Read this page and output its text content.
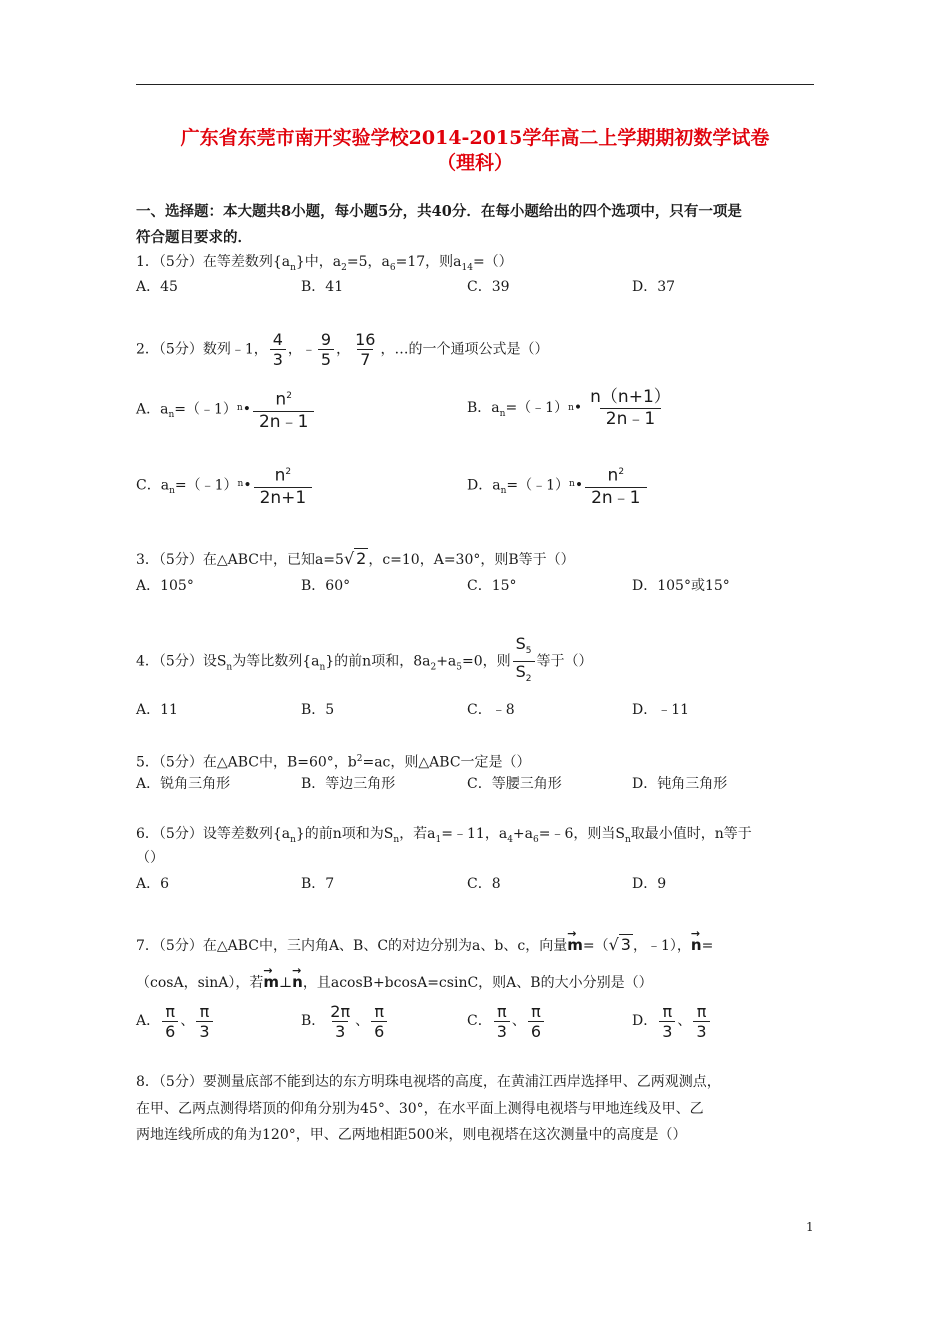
广东省东莞市南开实验学校2014-2015学年高二上学期期初数学试卷
（理科）
一、选择题：本大题共8小题，每小题5分，共40分．在每小题给出的四个选项中，只有一项是
符合题目要求的．
1．（5分）在等差数列$\{a_n\}$中，$a_2=5$，$a_6=17$，则$a_{14}=()$
A．45	B．41	C．39	D．37
2．（5分）数列﹣1， $\frac{4}{3}$ ，﹣ $\frac{9}{5}$ ， $\frac{16}{7}$ ，…的一个通项公式是（）
A．$a_n=(﹣1)^n• \frac{n^2}{2n﹣1}$	B．$a_n=(﹣1)^n• \frac{n(n+1)}{2n﹣1}$
C．$a_n=(﹣1)^n• \frac{n^2}{2n+1}$	D．$a_n=(﹣1)^n• \frac{n^2}{2n﹣1}$
3．（5分）在△ABC中，已知a=5√ 2 ，c=10，A=30°，则B等于（）
A．105°	B．60°	C．15°	D．105°或15°
4．（5分）设$S_n$为等比数列$\{a_n\}$的前n项和，$8a_2+a_5=0$，则 $\frac{S_5}{S_2}$ 等于（）
A．11	B．5	C．﹣8	D．﹣11
5．（5分）在△ABC中，B=60°，$b^2=ac$，则△ABC一定是（）
A．锐角三角形	B．等边三角形	C．等腰三角形	D．钝角三角形
6．（5分）设等差数列$\{a_n\}$的前n项和为$S_n$，若$a_1=﹣11$，$a_4+a_6=﹣6$，则当$S_n$取最小值时，n等于
（）
A．6	B．7	C．8	D．9
7．（5分）在△ABC中，三内角A、B、C的对边分别为a、b、c，向量→ m=（√ 3 ，﹣1），→ n=
（cosA，sinA），若→ m⊥→ n，且acosB+bcosA=csinC，则A、B的大小分别是（）
A． $\frac{\pi}{6}$ 、 $\frac{\pi}{3}$	B． $\frac{2\pi}{3}$ 、 $\frac{\pi}{6}$	C． $\frac{\pi}{3}$ 、 $\frac{\pi}{6}$	D． $\frac{\pi}{3}$ 、 $\frac{\pi}{3}$
8．（5分）要测量底部不能到达的东方明珠电视塔的高度，在黄浦江西岸选择甲、乙两观测点，
在甲、乙两点测得塔顶的仰角分别为45°、30°，在水平面上测得电视塔与甲地连线及甲、乙
两地连线所成的角为120°，甲、乙两地相距500米，则电视塔在这次测量中的高度是（）
1
